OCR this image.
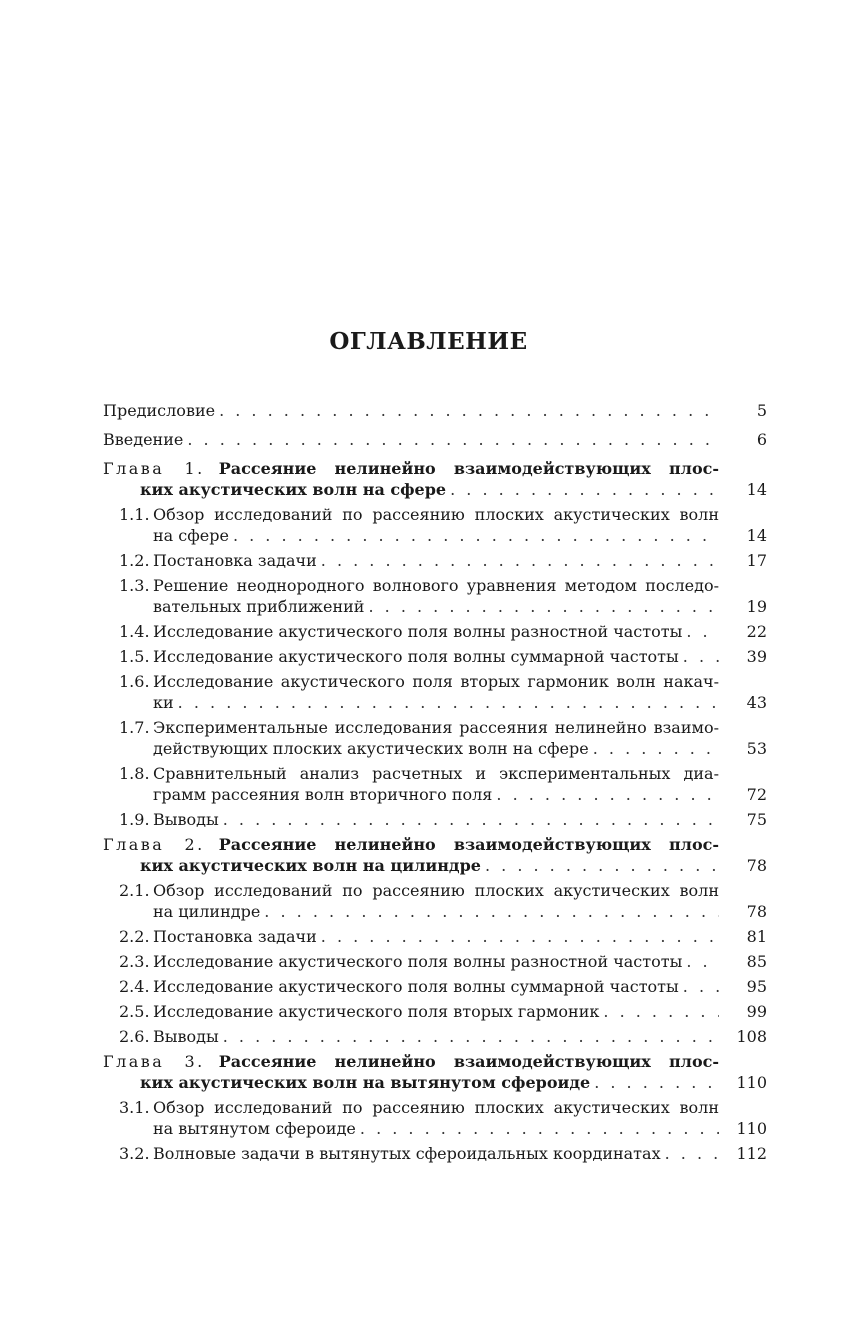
ОГЛАВЛЕНИЕ
Предисловие . . .	5
Введение . . .	6
Глава 1. Рассеяние нелинейно взаимодействующих плос-
ких акустических волн на сфере . . .	14
1.1. Обзор исследований по рассеянию плоских акустических волн
на сфере . . .	14
1.2. Постановка задачи . . .	17
1.3. Решение неоднородного волнового уравнения методом последо-
вательных приближений . . .	19
1.4. Исследование акустического поля волны разностной частоты . . .	22
1.5. Исследование акустического поля волны суммарной частоты . . .	39
1.6. Исследование акустического поля вторых гармоник волн накач-
ки . . .	43
1.7. Экспериментальные исследования рассеяния нелинейно взаимо-
действующих плоских акустических волн на сфере . . .	53
1.8. Сравнительный анализ расчетных и экспериментальных диа-
грамм рассеяния волн вторичного поля . . .	72
1.9. Выводы . . .	75
Глава 2. Рассеяние нелинейно взаимодействующих плос-
ких акустических волн на цилиндре . . .	78
2.1. Обзор исследований по рассеянию плоских акустических волн
на цилиндре . . .	78
2.2. Постановка задачи . . .	81
2.3. Исследование акустического поля волны разностной частоты . . .	85
2.4. Исследование акустического поля волны суммарной частоты . . .	95
2.5. Исследование акустического поля вторых гармоник . . .	99
2.6. Выводы . . .	108
Глава 3. Рассеяние нелинейно взаимодействующих плос-
ких акустических волн на вытянутом сфероиде . . .	110
3.1. Обзор исследований по рассеянию плоских акустических волн
на вытянутом сфероиде . . .	110
3.2. Волновые задачи в вытянутых сфероидальных координатах . . .	112
